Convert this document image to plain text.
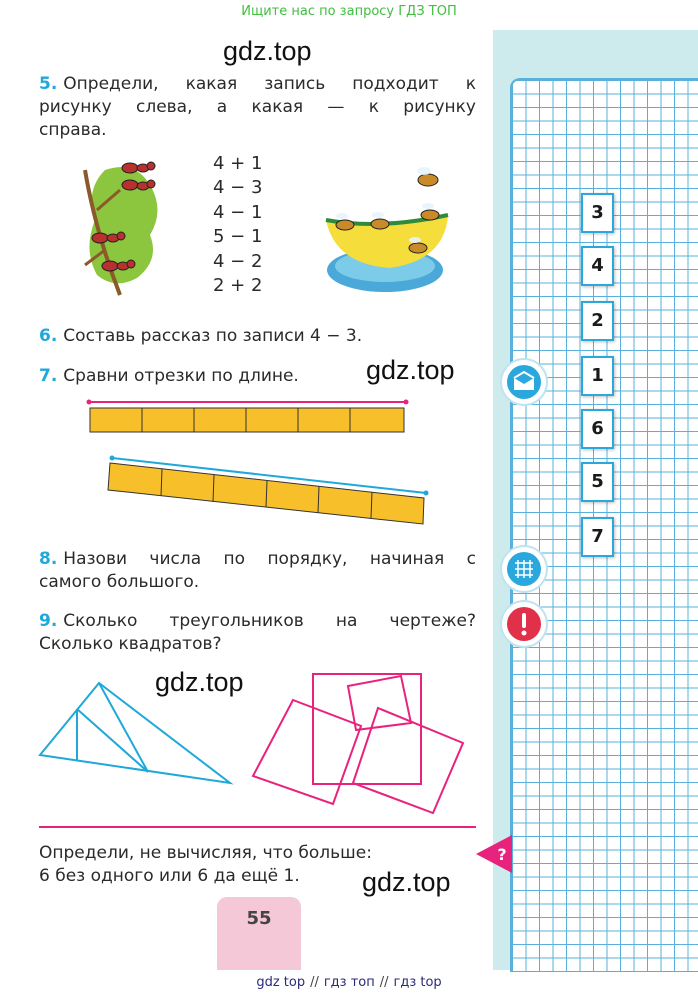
Ищите нас по запросу ГДЗ ТОП
gdz.top
gdz.top
gdz.top
gdz.top
5. Определи, какая запись подходит к
рисунку слева, а какая — к рисунку
справа.
4 + 1
4 − 3
4 − 1
5 − 1
4 − 2
2 + 2
6. Составь рассказ по записи 4 − 3.
7. Сравни отрезки по длине.
8. Назови числа по порядку, начиная с
самого большого.
9. Сколько треугольников на чертеже?
Сколько квадратов?
Определи, не вычисляя, что больше:
6 без одного или 6 да ещё 1.
?
3
4
2
1
6
5
7
55
gdz top // гдз топ // гдз top
